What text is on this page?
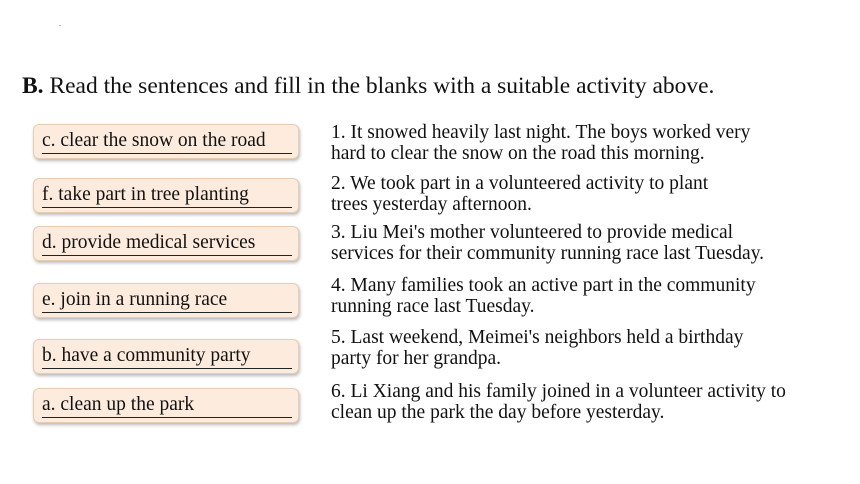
.
B. Read the sentences and fill in the blanks with a suitable activity above.
c. clear the snow on the road
f. take part in tree planting
d. provide medical services
e. join in a running race
b. have a community party
a. clean up the park
1. It snowed heavily last night. The boys worked very
hard to clear the snow on the road this morning.
2. We took part in a volunteered activity to plant
trees yesterday afternoon.
3. Liu Mei's mother volunteered to provide medical
services for their community running race last Tuesday.
4. Many families took an active part in the community
running race last Tuesday.
5. Last weekend, Meimei's neighbors held a birthday
party for her grandpa.
6. Li Xiang and his family joined in a volunteer activity to
clean up the park the day before yesterday.
